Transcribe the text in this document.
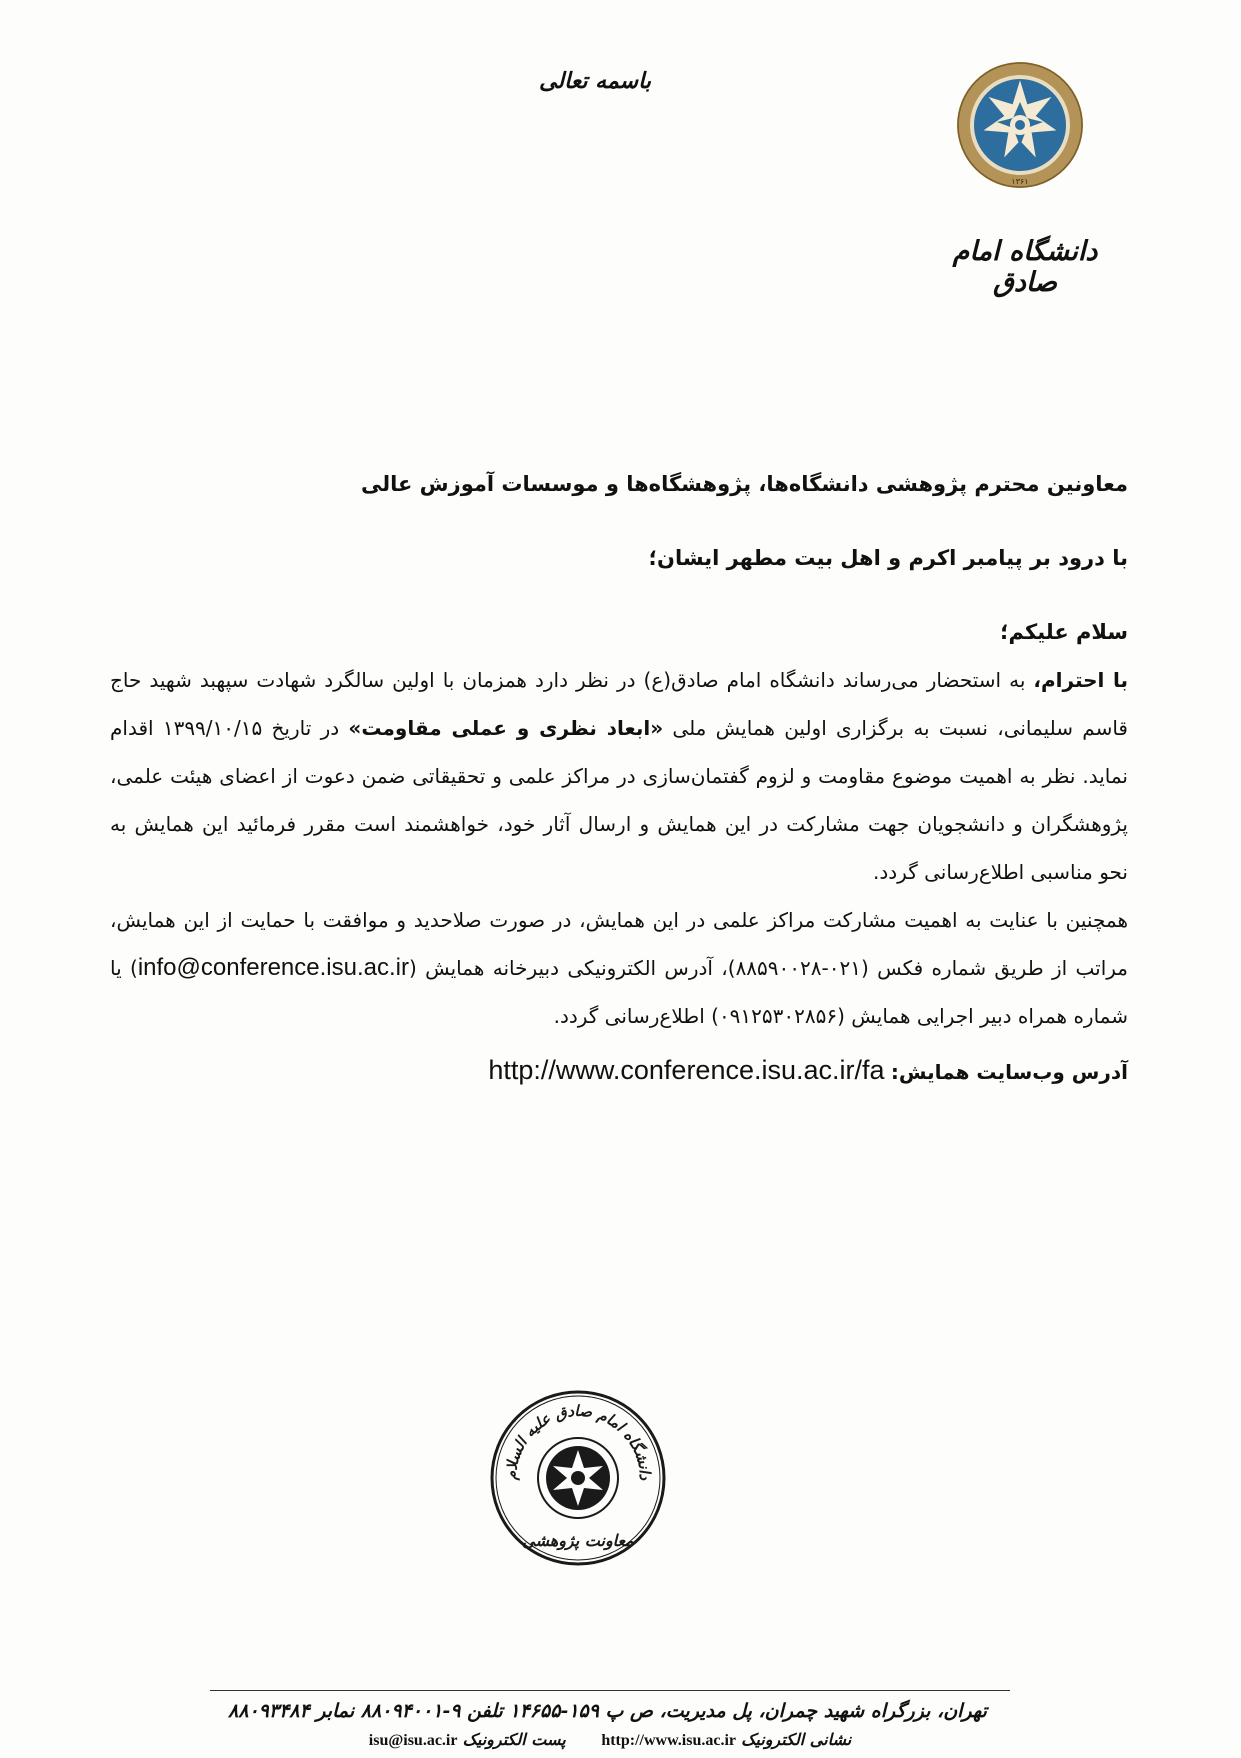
باسمه تعالی
۱۳۶۱
دانشگاه امام صادق

معاونین محترم پژوهشی دانشگاه‌ها، پژوهشگاه‌ها و موسسات آموزش عالی

با درود بر پیامبر اکرم و اهل بیت مطهر ایشان؛

سلام علیکم؛

با احترام، به استحضار می‌رساند دانشگاه امام صادق(ع) در نظر دارد همزمان با اولین سالگرد شهادت سپهبد شهید حاج قاسم سلیمانی، نسبت به برگزاری اولین همایش ملی «ابعاد نظری و عملی مقاومت» در تاریخ ۱۳۹۹/۱۰/۱۵ اقدام نماید. نظر به اهمیت موضوع مقاومت و لزوم گفتمان‌سازی در مراکز علمی و تحقیقاتی ضمن دعوت از اعضای هیئت علمی، پژوهشگران و دانشجویان جهت مشارکت در این همایش و ارسال آثار خود، خواهشمند است مقرر فرمائید این همایش به نحو مناسبی اطلاع‌رسانی گردد.

همچنین با عنایت به اهمیت مشارکت مراکز علمی در این همایش، در صورت صلاحدید و موافقت با حمایت از این همایش، مراتب از طریق شماره فکس (۰۲۱-۸۸۵۹۰۰۲۸)، آدرس الکترونیکی دبیرخانه همایش (info@conference.isu.ac.ir) یا شماره همراه دبیر اجرایی همایش (۰۹۱۲۵۳۰۲۸۵۶) اطلاع‌رسانی گردد.

آدرس وب‌سایت همایش: http://www.conference.isu.ac.ir/fa

دانشگاه امام صادق علیه السلام
معاونت پژوهشی
تهران، بزرگراه شهید چمران، پل مدیریت، ص پ ۱۵۹-۱۴۶۵۵ تلفن ۹-۸۸۰۹۴۰۰۱ نمابر ۸۸۰۹۳۴۸۴
isu@isu.ac.ir پست الکترونیک http://www.isu.ac.ir نشانی الکترونیک
